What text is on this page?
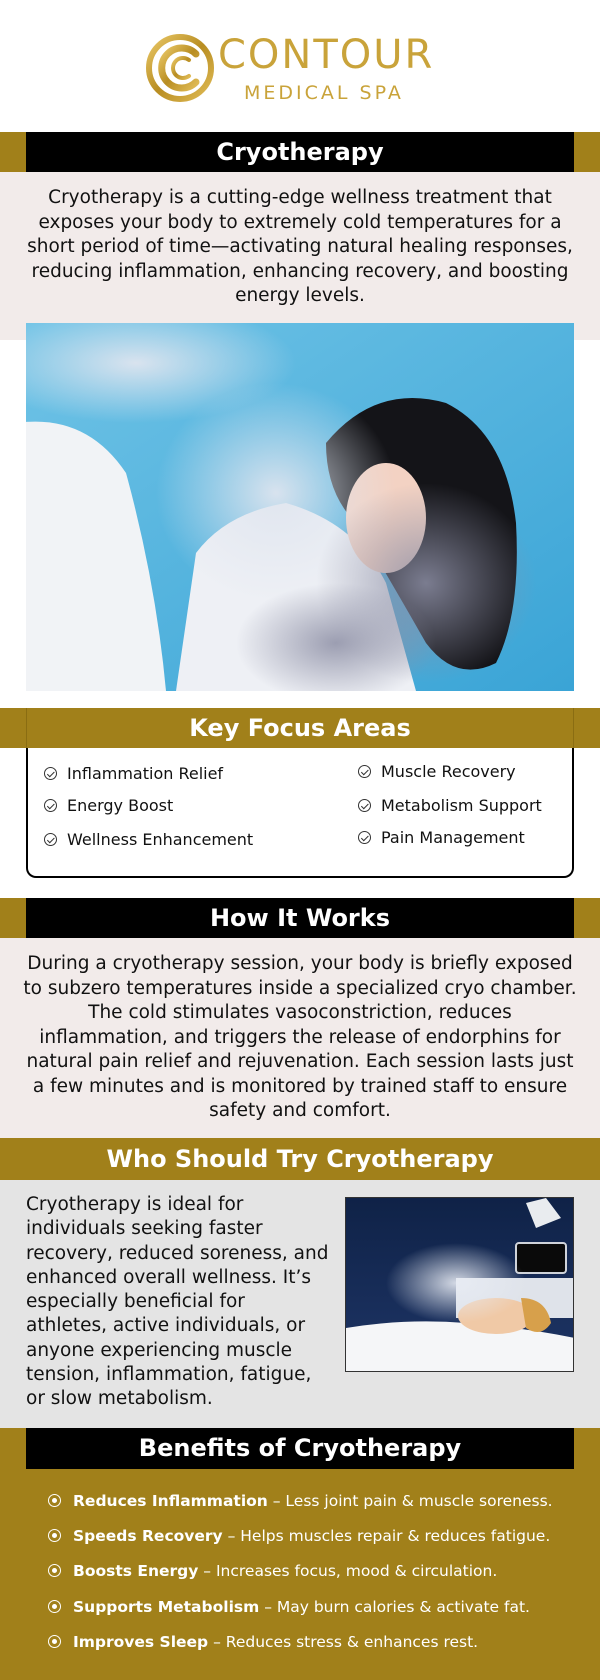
CONTOUR
MEDICAL SPA
Cryotherapy
Cryotherapy is a cutting-edge wellness treatment that exposes your body to extremely cold temperatures for a short period of time—activating natural healing responses, reducing inflammation, enhancing recovery, and boosting energy levels.
Key Focus Areas
Inflammation Relief
Energy Boost
Wellness Enhancement
Muscle Recovery
Metabolism Support
Pain Management
How It Works
During a cryotherapy session, your body is briefly exposed to subzero temperatures inside a specialized cryo chamber. The cold stimulates vasoconstriction, reduces inflammation, and triggers the release of endorphins for natural pain relief and rejuvenation. Each session lasts just a few minutes and is monitored by trained staff to ensure safety and comfort.
Who Should Try Cryotherapy
Cryotherapy is ideal for individuals seeking faster recovery, reduced soreness, and enhanced overall wellness. It’s especially beneficial for athletes, active individuals, or anyone experiencing muscle tension, inflammation, fatigue, or slow metabolism.
Benefits of Cryotherapy
Reduces Inflammation – Less joint pain & muscle soreness.
Speeds Recovery – Helps muscles repair & reduces fatigue.
Boosts Energy – Increases focus, mood & circulation.
Supports Metabolism – May burn calories & activate fat.
Improves Sleep – Reduces stress & enhances rest.
